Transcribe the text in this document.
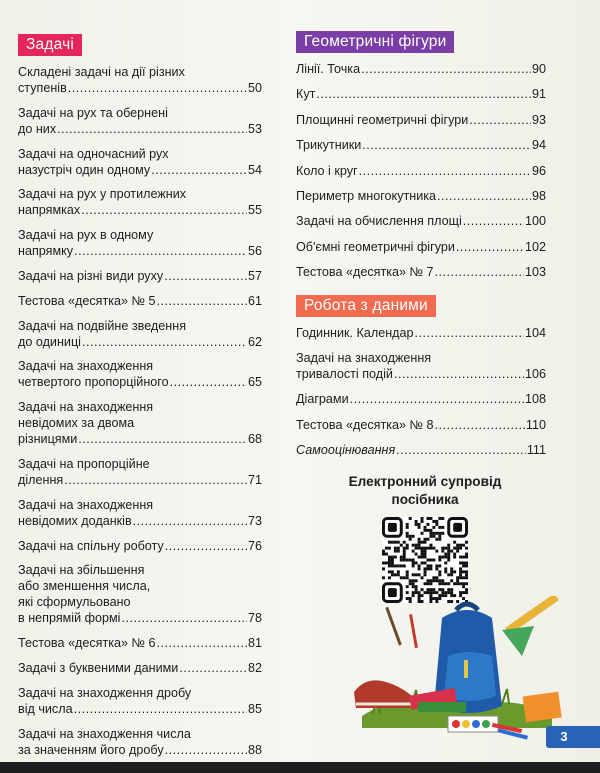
Задачі
Складені задачі на дії різних
ступенів .....	50
Задачі на рух та обернені
до них .....	53
Задачі на одночасний рух
назустріч один одному .....	54
Задачі на рух у протилежних
напрямках .....	55
Задачі на рух в одному
напрямку .....	56
Задачі на різні види руху .....	57
Тестова «десятка» № 5 .....	61
Задачі на подвійне зведення
до одиниці .....	62
Задачі на знаходження
четвертого пропорційного .....	65
Задачі на знаходження
невідомих за двома
різницями .....	68
Задачі на пропорційне
ділення .....	71
Задачі на знаходження
невідомих доданків .....	73
Задачі на спільну роботу .....	76
Задачі на збільшення
або зменшення числа,
які сформульовано
в непрямій формі .....	78
Тестова «десятка» № 6 .....	81
Задачі з буквеними даними .....	82
Задачі на знаходження дробу
від числа .....	85
Задачі на знаходження числа
за значенням його дробу .....	88
Геометричні фігури
Лінії. Точка .....	90
Кут .....	91
Площинні геометричні фігури .....	93
Трикутники .....	94
Коло і круг .....	96
Периметр многокутника .....	98
Задачі на обчислення площі .....	100
Об'ємні геометричні фігури .....	102
Тестова «десятка» № 7 .....	103
Робота з даними
Годинник. Календар .....	104
Задачі на знаходження
тривалості подій .....	106
Діаграми .....	108
Тестова «десятка» № 8 .....	110
Самооцінювання .....	111
Електронний супровід
посібника
3
